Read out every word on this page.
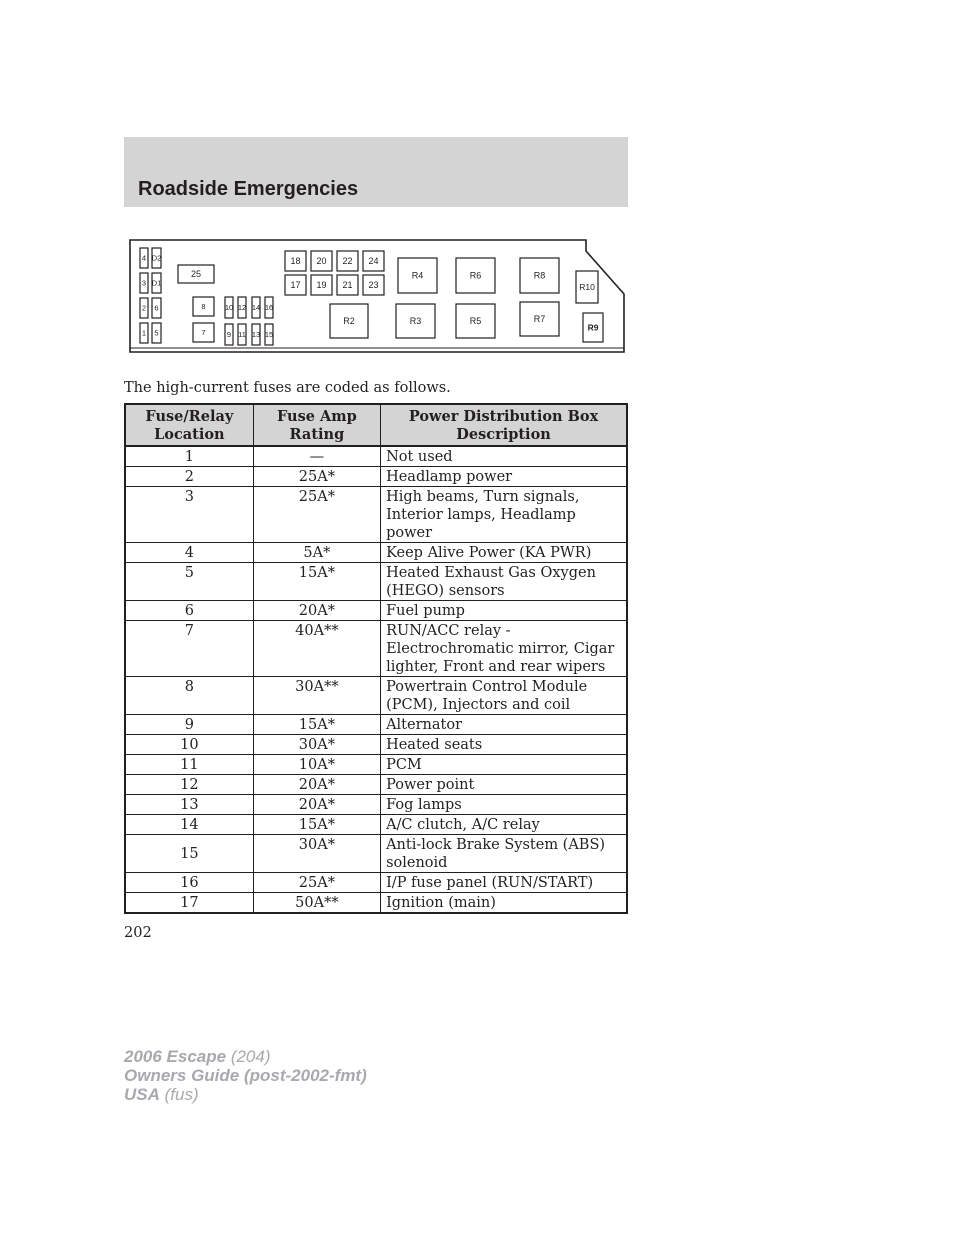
Roadside Emergencies
4 D2
3 D1
2 6
1 5
25
8
7
10
9
12
11
14
13
16
15
18
17
20
19
22
21
24
23
R4	R6	R8
R10
R2	R3	R5	R7
R9

The high-current fuses are coded as follows.

Fuse/Relay Location	Fuse Amp Rating	Power Distribution Box Description
1	—	Not used
2	25A*	Headlamp power
3	25A*	High beams, Turn signals, Interior lamps, Headlamp power
4	5A*	Keep Alive Power (KA PWR)
5	15A*	Heated Exhaust Gas Oxygen (HEGO) sensors
6	20A*	Fuel pump
7	40A**	RUN/ACC relay - Electrochromatic mirror, Cigar lighter, Front and rear wipers
8	30A**	Powertrain Control Module (PCM), Injectors and coil
9	15A*	Alternator
10	30A*	Heated seats
11	10A*	PCM
12	20A*	Power point
13	20A*	Fog lamps
14	15A*	A/C clutch, A/C relay
15	30A*	Anti-lock Brake System (ABS) solenoid
16	25A*	I/P fuse panel (RUN/START)
17	50A**	Ignition (main)

202

2006 Escape (204)
Owners Guide (post-2002-fmt)
USA (fus)
